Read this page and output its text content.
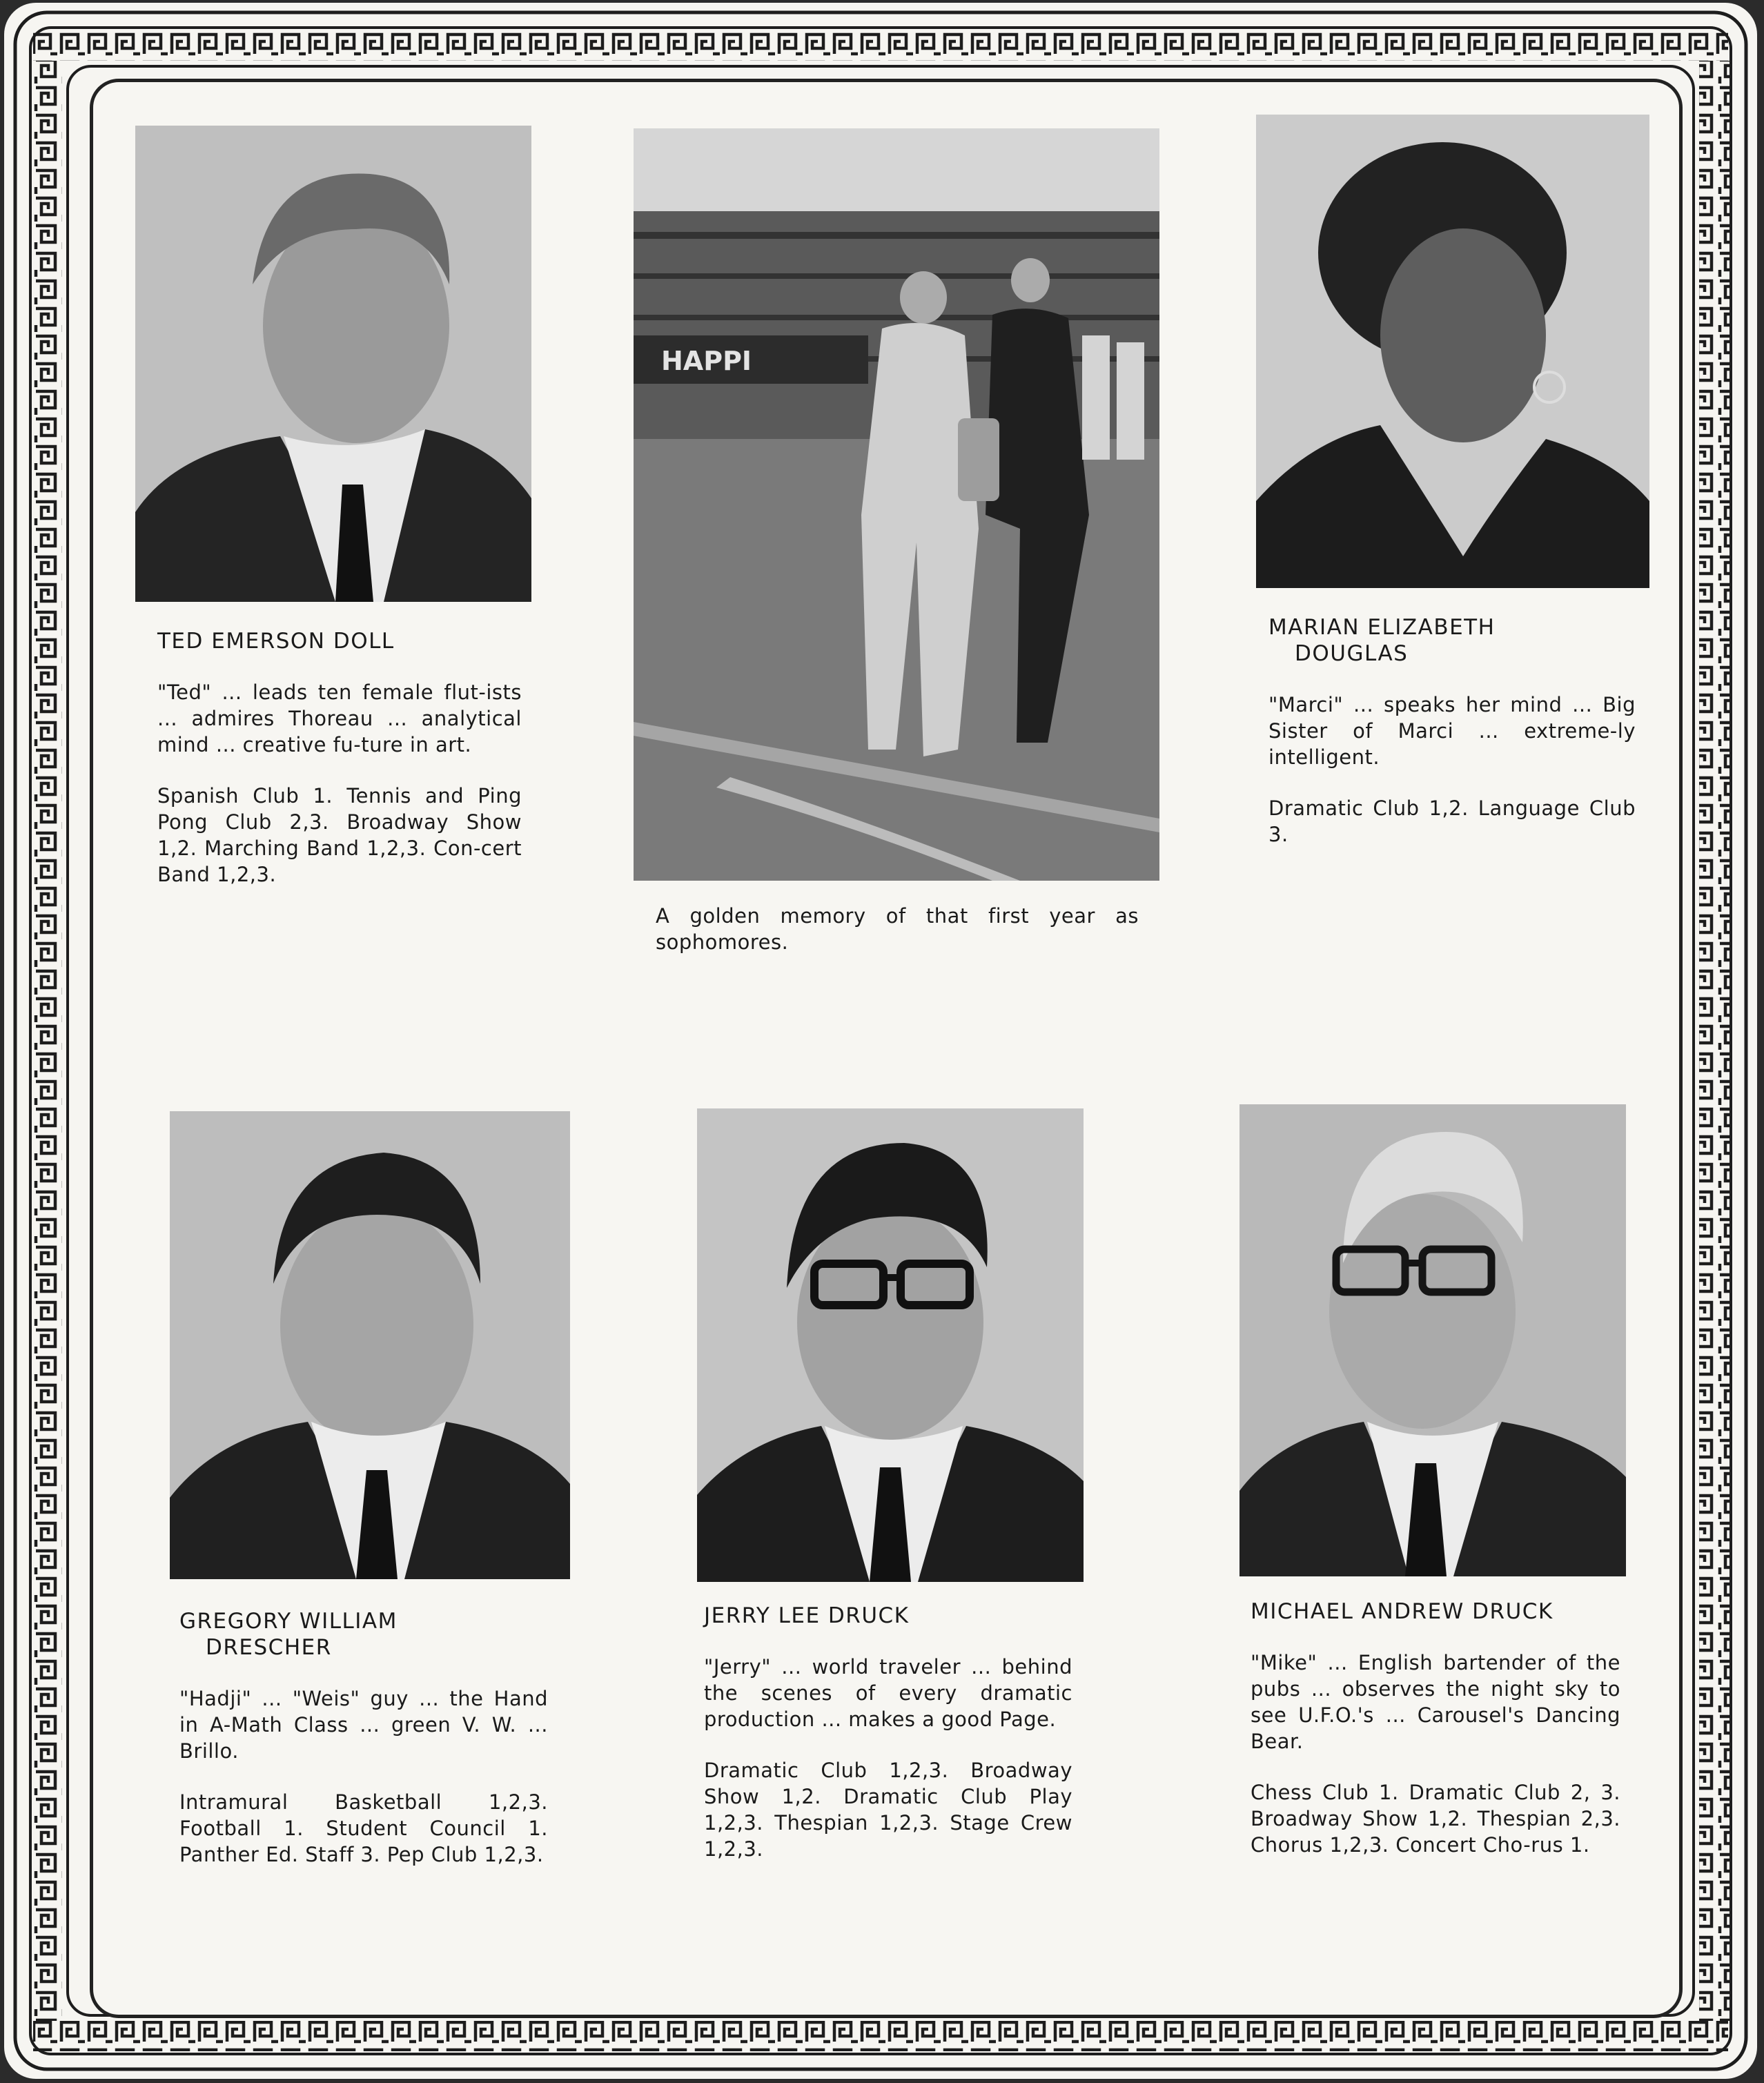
TED EMERSON DOLL

"Ted" ... leads ten female flut-ists ... admires Thoreau ... analytical mind ... creative fu-ture in art.

Spanish Club 1. Tennis and Ping Pong Club 2,3. Broadway Show 1,2. Marching Band 1,2,3. Con-cert Band 1,2,3.

HAPPI

A golden memory of that first year as sophomores.

MARIAN ELIZABETH
DOUGLAS

"Marci" ... speaks her mind ... Big Sister of Marci ... extreme-ly intelligent.

Dramatic Club 1,2. Language Club 3.

GREGORY WILLIAM
DRESCHER

"Hadji" ... "Weis" guy ... the Hand in A-Math Class ... green V. W. ... Brillo.

Intramural Basketball 1,2,3. Football 1. Student Council 1. Panther Ed. Staff 3. Pep Club 1,2,3.

JERRY LEE DRUCK

"Jerry" ... world traveler ... behind the scenes of every dramatic production ... makes a good Page.

Dramatic Club 1,2,3. Broadway Show 1,2. Dramatic Club Play 1,2,3. Thespian 1,2,3. Stage Crew 1,2,3.

MICHAEL ANDREW DRUCK

"Mike" ... English bartender of the pubs ... observes the night sky to see U.F.O.'s ... Carousel's Dancing Bear.

Chess Club 1. Dramatic Club 2, 3. Broadway Show 1,2. Thespian 2,3. Chorus 1,2,3. Concert Cho-rus 1.
